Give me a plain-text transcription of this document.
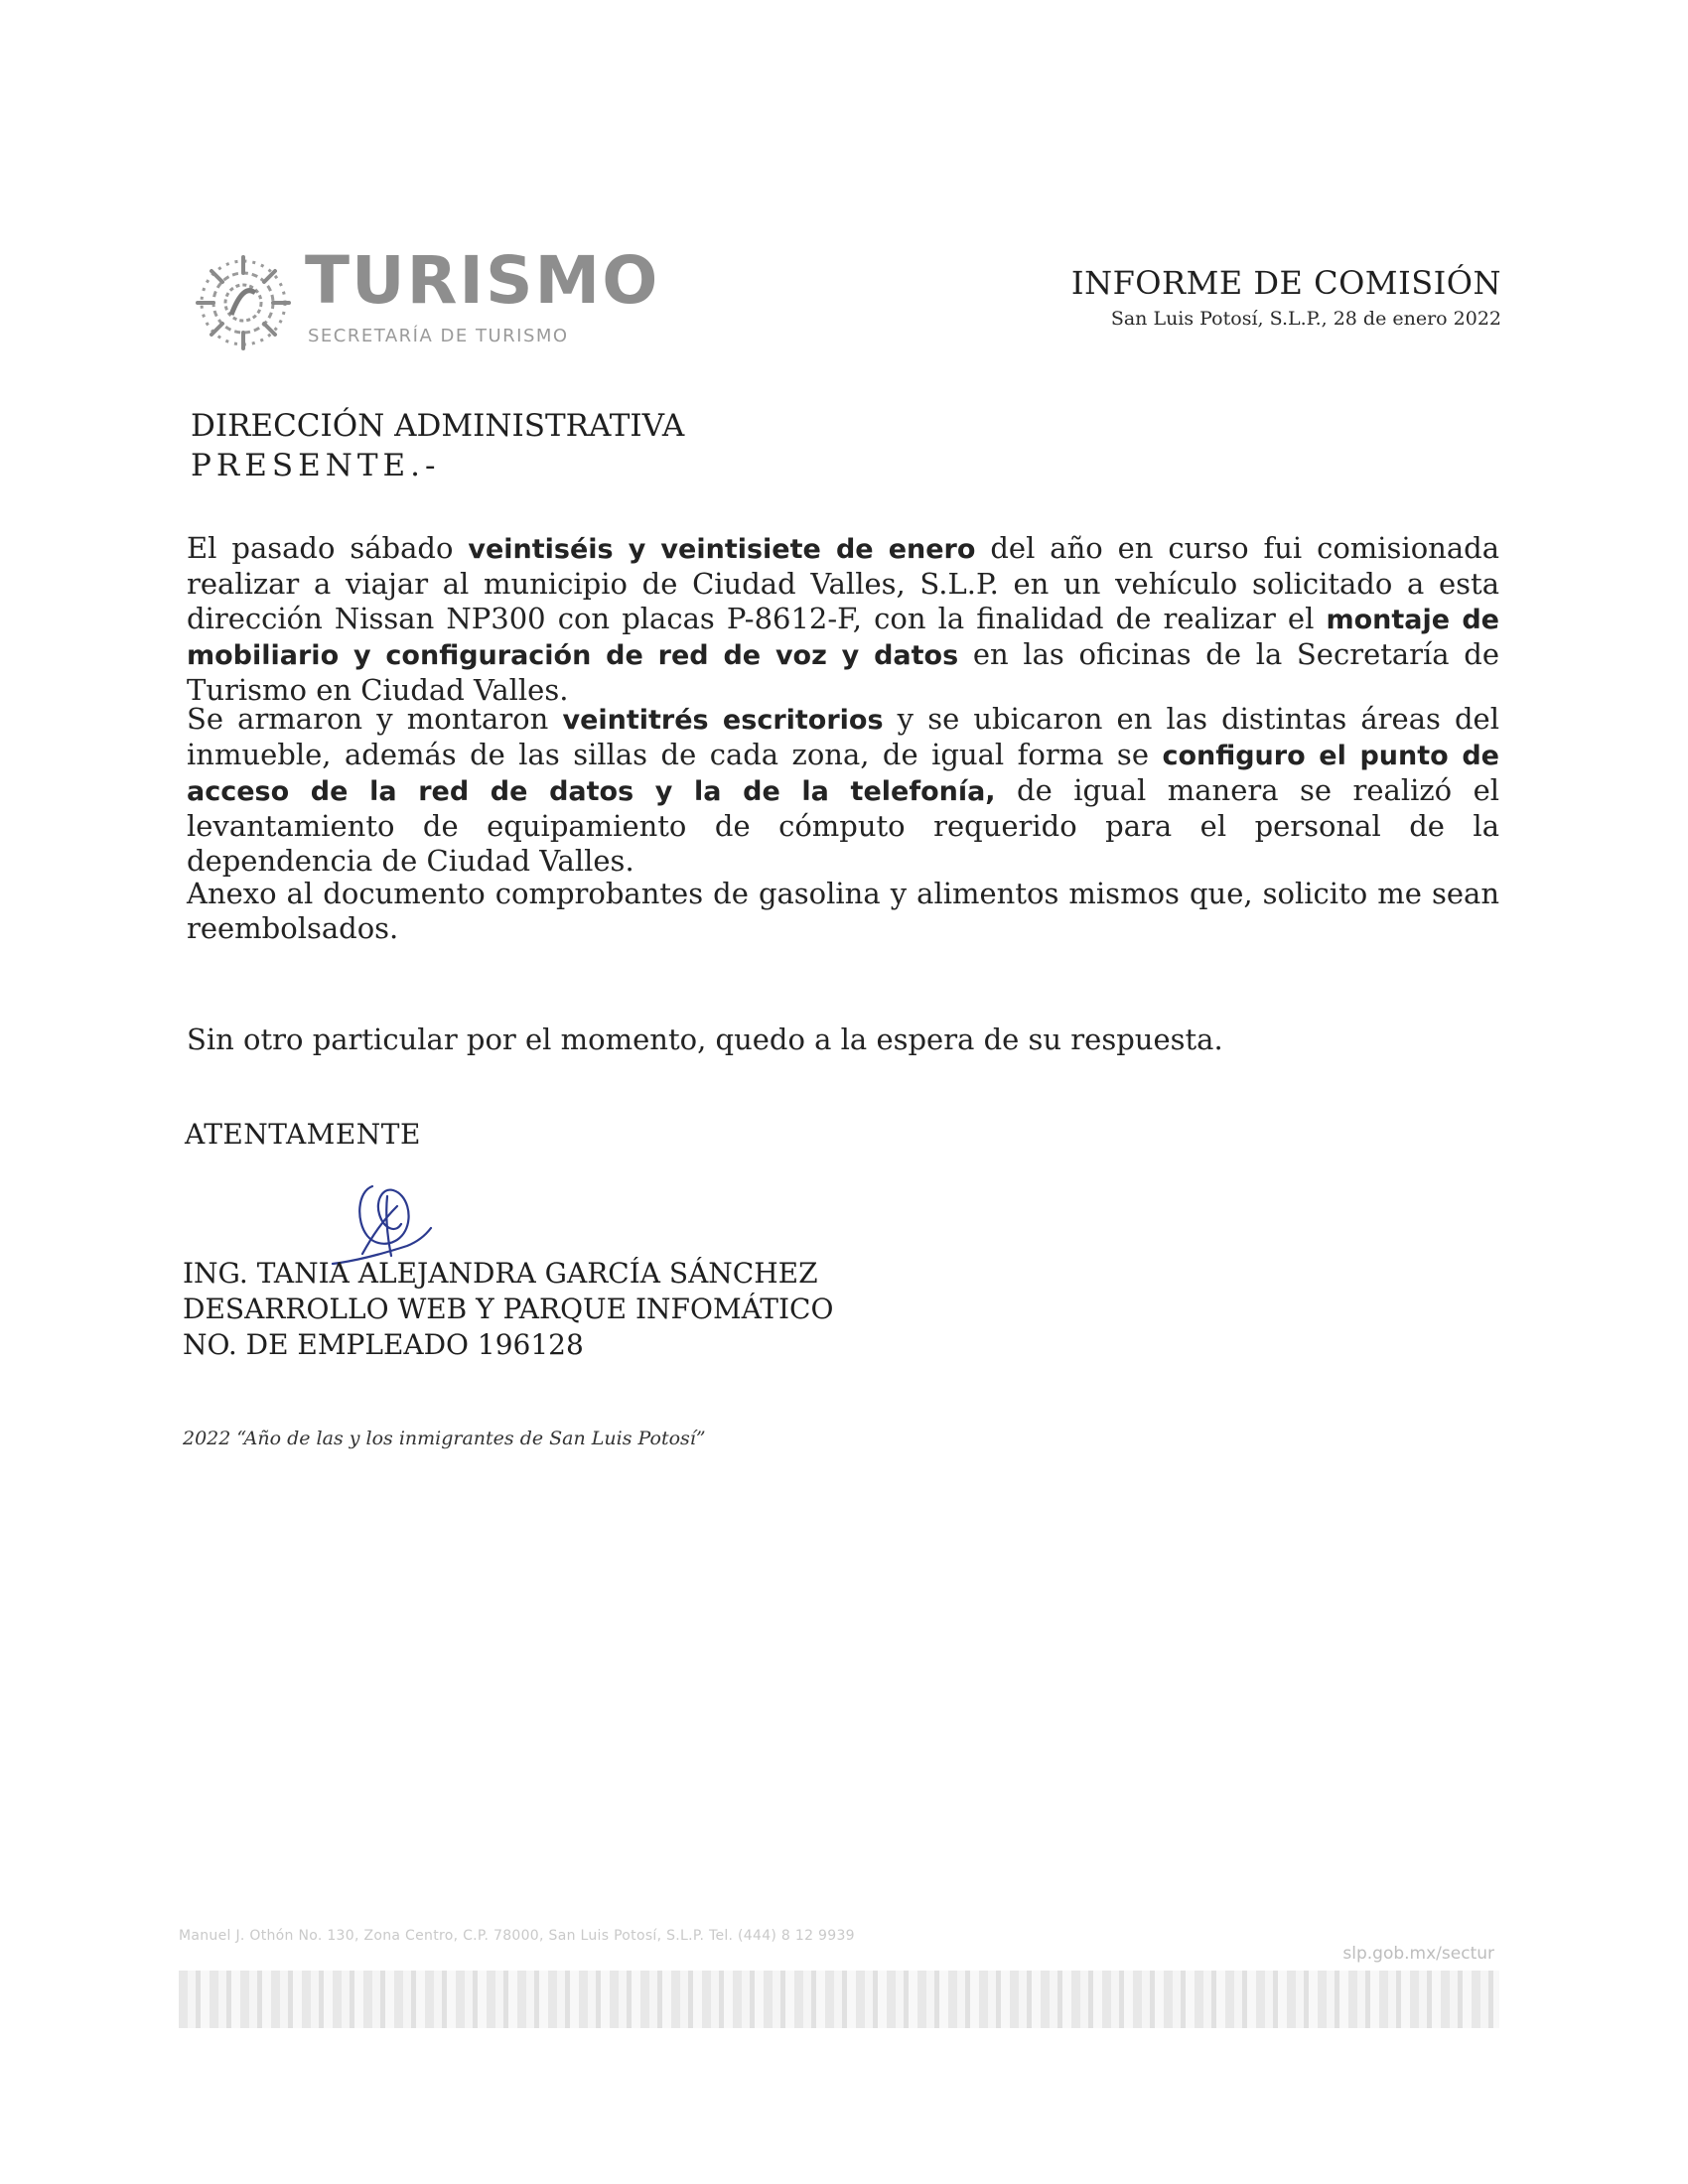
TURISMO
SECRETARÍA DE TURISMO
INFORME DE COMISIÓN
San Luis Potosí, S.L.P., 28 de enero 2022
DIRECCIÓN ADMINISTRATIVA
PRESENTE.-

El pasado sábado veintiséis y veintisiete de enero del año en curso fui comisionada realizar a viajar al municipio de Ciudad Valles, S.L.P. en un vehículo solicitado a esta dirección Nissan NP300 con placas P-8612-F, con la finalidad de realizar el montaje de mobiliario y configuración de red de voz y datos en las oficinas de la Secretaría de Turismo en Ciudad Valles.

Se armaron y montaron veintitrés escritorios y se ubicaron en las distintas áreas del inmueble, además de las sillas de cada zona, de igual forma se configuro el punto de acceso de la red de datos y la de la telefonía, de igual manera se realizó el levantamiento de equipamiento de cómputo requerido para el personal de la dependencia de Ciudad Valles.

Anexo al documento comprobantes de gasolina y alimentos mismos que, solicito me sean reembolsados.

Sin otro particular por el momento, quedo a la espera de su respuesta.

ATENTAMENTE
ING. TANIA ALEJANDRA GARCÍA SÁNCHEZ
DESARROLLO WEB Y PARQUE INFOMÁTICO
NO. DE EMPLEADO 196128
2022 “Año de las y los inmigrantes de San Luis Potosí”
Manuel J. Othón No. 130, Zona Centro, C.P. 78000, San Luis Potosí, S.L.P. Tel. (444) 8 12 9939
slp.gob.mx/sectur
